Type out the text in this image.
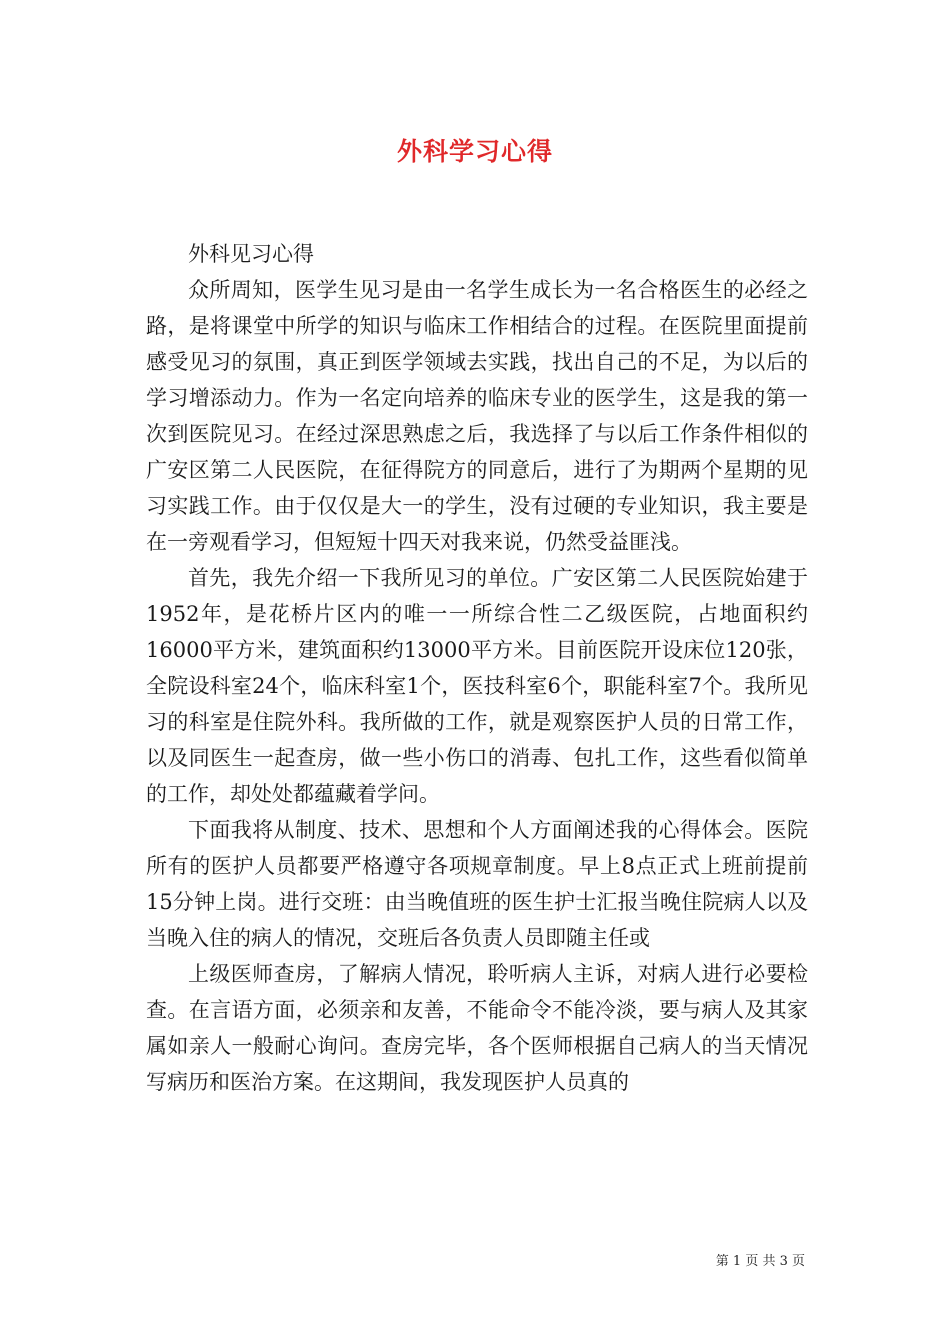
外科学习心得

外科见习心得

众所周知，医学生见习是由一名学生成长为一名合格医生的必经之路，是将课堂中所学的知识与临床工作相结合的过程。在医院里面提前感受见习的氛围，真正到医学领域去实践，找出自己的不足，为以后的学习增添动力。作为一名定向培养的临床专业的医学生，这是我的第一次到医院见习。在经过深思熟虑之后，我选择了与以后工作条件相似的广安区第二人民医院，在征得院方的同意后，进行了为期两个星期的见习实践工作。由于仅仅是大一的学生，没有过硬的专业知识，我主要是在一旁观看学习，但短短十四天对我来说，仍然受益匪浅。

首先，我先介绍一下我所见习的单位。广安区第二人民医院始建于1952年，是花桥片区内的唯一一所综合性二乙级医院，占地面积约16000平方米，建筑面积约13000平方米。目前医院开设床位120张，全院设科室24个，临床科室1个，医技科室6个，职能科室7个。我所见习的科室是住院外科。我所做的工作，就是观察医护人员的日常工作，以及同医生一起查房，做一些小伤口的消毒、包扎工作，这些看似简单的工作，却处处都蕴藏着学问。

下面我将从制度、技术、思想和个人方面阐述我的心得体会。医院所有的医护人员都要严格遵守各项规章制度。早上8点正式上班前提前15分钟上岗。进行交班：由当晚值班的医生护士汇报当晚住院病人以及当晚入住的病人的情况，交班后各负责人员即随主任或

上级医师查房，了解病人情况，聆听病人主诉，对病人进行必要检查。在言语方面，必须亲和友善，不能命令不能冷淡，要与病人及其家属如亲人一般耐心询问。查房完毕，各个医师根据自己病人的当天情况写病历和医治方案。在这期间，我发现医护人员真的

第 1 页 共 3 页
